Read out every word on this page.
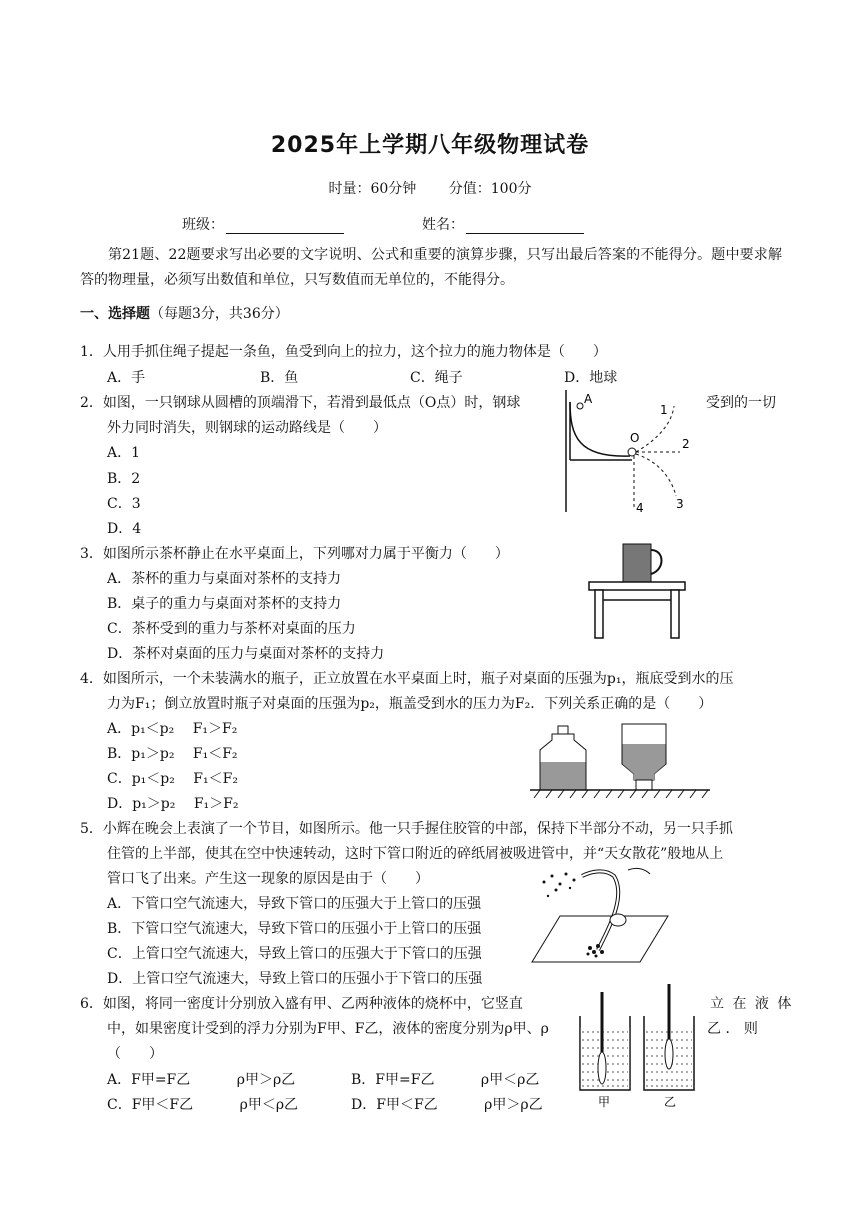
2025年上学期八年级物理试卷
时量：60分钟 分值：100分
班级：	姓名：
第21题、22题要求写出必要的文字说明、公式和重要的演算步骤，只写出最后答案的不能得分。题中要求解答的物理量，必须写出数值和单位，只写数值而无单位的，不能得分。
一、选择题（每题3分，共36分）
1．人用手抓住绳子提起一条鱼，鱼受到向上的拉力，这个拉力的施力物体是（　　）
A．手	B．鱼	C．绳子	D．地球
2．如图，一只钢球从圆槽的顶端滑下，若滑到最低点（O点）时，钢球	受到的一切
外力同时消失，则钢球的运动路线是（　　）
A．1
B．2
C．3
D．4
A
O
1
2
3
4
3．如图所示茶杯静止在水平桌面上，下列哪对力属于平衡力（　　）
A．茶杯的重力与桌面对茶杯的支持力
B．桌子的重力与桌面对茶杯的支持力
C．茶杯受到的重力与茶杯对桌面的压力
D．茶杯对桌面的压力与桌面对茶杯的支持力
4．如图所示，一个未装满水的瓶子，正立放置在水平桌面上时，瓶子对桌面的压强为p₁，瓶底受到水的压
力为F₁；倒立放置时瓶子对桌面的压强为p₂，瓶盖受到水的压力为F₂．下列关系正确的是（　　）
A．p₁＜p₂　 F₁＞F₂
B．p₁＞p₂　 F₁＜F₂
C．p₁＜p₂　 F₁＜F₂
D．p₁＞p₂　 F₁＞F₂
5．小辉在晚会上表演了一个节目，如图所示。他一只手握住胶管的中部，保持下半部分不动，另一只手抓
住管的上半部，使其在空中快速转动，这时下管口附近的碎纸屑被吸进管中，并“天女散花”般地从上
管口飞了出来。产生这一现象的原因是由于（　　）
A．下管口空气流速大，导致下管口的压强大于上管口的压强
B．下管口空气流速大，导致下管口的压强小于上管口的压强
C．上管口空气流速大，导致上管口的压强大于下管口的压强
D．上管口空气流速大，导致上管口的压强小于下管口的压强
6．如图，将同一密度计分别放入盛有甲、乙两种液体的烧杯中，它竖直	立 在 液 体
中，如果密度计受到的浮力分别为F甲、F乙，液体的密度分别为ρ甲、ρ	乙 ． 则
（　　）
A．F甲=F乙　　　 ρ甲＞ρ乙	B．F甲=F乙　　　 ρ甲＜ρ乙
C．F甲＜F乙　　　 ρ甲＜ρ乙	D．F甲＜F乙　　　 ρ甲＞ρ乙	甲	乙
